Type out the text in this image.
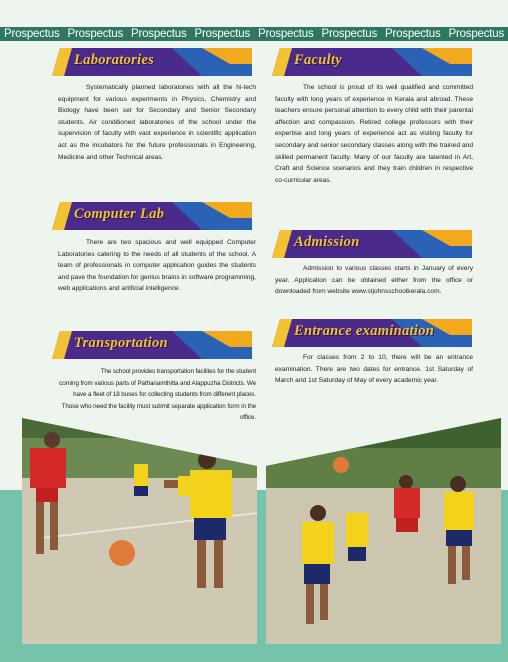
Prospectus Prospectus Prospectus Prospectus Prospectus Prospectus Prospectus Prospectus
Laboratories
Systematically planned laboratories with all the hi-tech equipment for various experiments in Physics, Chemistry and Biology have been set for Secondary and Senior Secondary students. Air conditioned laboratories of the school under the supervision of faculty with vast experience in scientific application act as the incubators for the future professionals in Engineering, Medicine and other Technical areas.
Computer Lab
There are two spacious and well equipped Computer Laboratories catering to the needs of all students of the school. A team of professionals in computer application guides the students and pave the foundation for genius brains in software programming, web applications and artificial intelligence.
Transportation
The school provides transportation facilites for the student coming from various parts of Pathanamthitta and Alappuzha Districts. We have a fleet of 18 buses for collecting students from different places. Those who need the facility must submit separate application form in the office.
Faculty
The school is proud of its well qualified and committed faculty with long years of experience in Kerala and abroad. These teachers ensure personal attention to every child with their parental affection and compassion. Retired college professors with their expertise and long years of experience act as visiting faculty for secondary and senior secondary classes along with the trained and skilled permanent faculty. Many of our faculty are talented in Art, Craft and Science scenarios and they train children in respective co-curricular areas.
Admission
Admission to various classes starts in January of every year. Application can be obtained either from the office or downloaded from website www.stjohnsschoolkerala.com.
Entrance examination
For classes from 2 to 10, there will be an entrance examination. There are two dates for entrance. 1st Saturday of March and 1st Saturday of May of every academic year.
